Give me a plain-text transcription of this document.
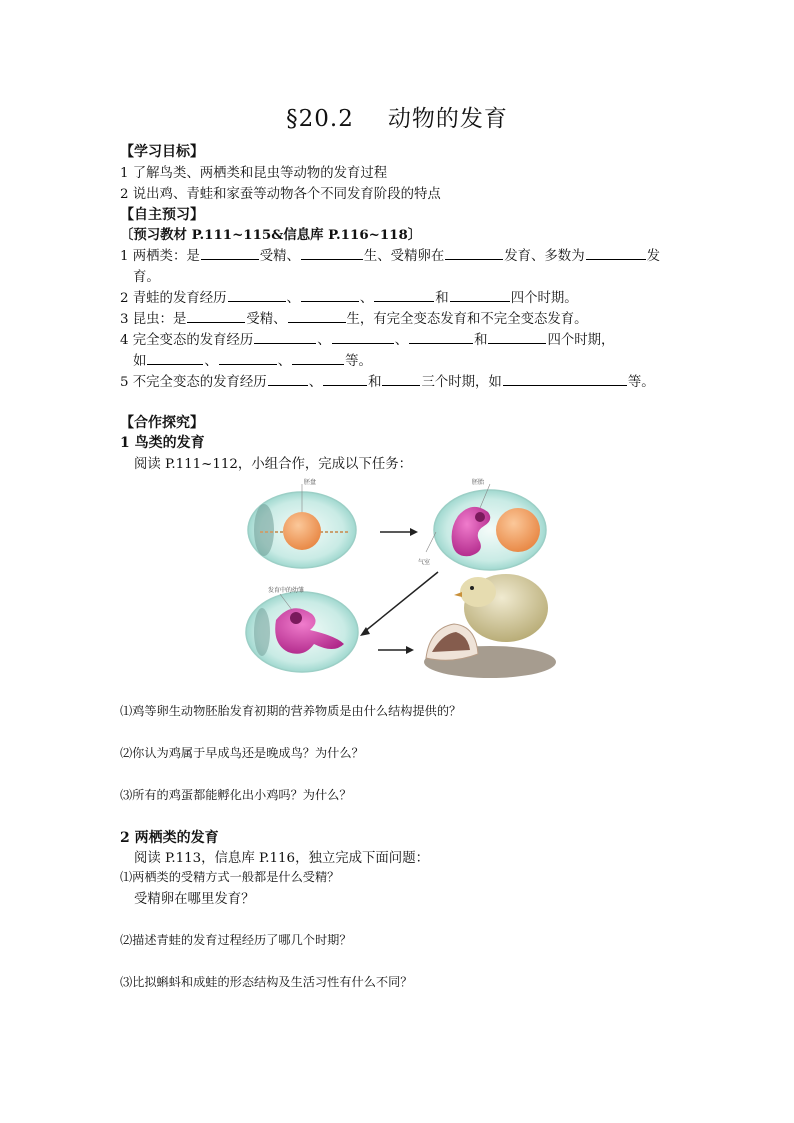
§20.2 动物的发育
【学习目标】
1 了解鸟类、两栖类和昆虫等动物的发育过程
2 说出鸡、青蛙和家蚕等动物各个不同发育阶段的特点
【自主预习】
〔预习教材 P.111~115&信息库 P.116~118〕
1 两栖类：是	受精、	生、受精卵在	发育、多数为	发
育。
2 青蛙的发育经历	、	、	和	四个时期。
3 昆虫：是	受精、	生，有完全变态发育和不完全变态发育。
4 完全变态的发育经历	、	、	和	四个时期，
如	、	、	等。
5 不完全变态的发育经历	、	和	三个时期，如	等。
【合作探究】
1 鸟类的发育
阅读 P.111~112，小组合作，完成以下任务：
胚盘	胚胎
气室
发育中的幼雏
⑴鸡等卵生动物胚胎发育初期的营养物质是由什么结构提供的？
⑵你认为鸡属于早成鸟还是晚成鸟？为什么？
⑶所有的鸡蛋都能孵化出小鸡吗？为什么？
2 两栖类的发育
阅读 P.113，信息库 P.116，独立完成下面问题：
⑴两栖类的受精方式一般都是什么受精？
受精卵在哪里发育？
⑵描述青蛙的发育过程经历了哪几个时期？
⑶比拟蝌蚪和成蛙的形态结构及生活习性有什么不同？
